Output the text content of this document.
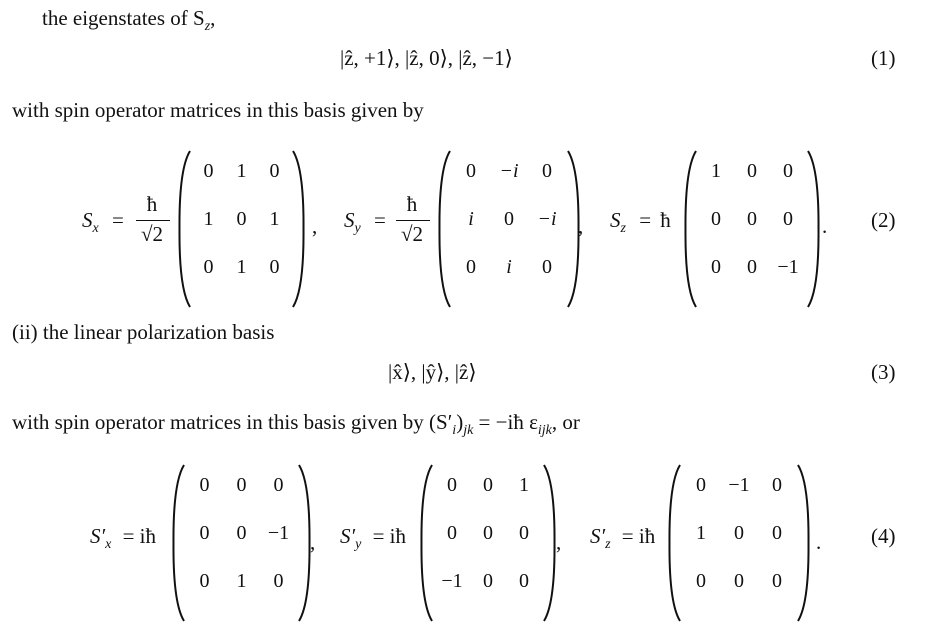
the eigenstates of $S_z$,
|ẑ, +1⟩, |ẑ, 0⟩, |ẑ, −1⟩	(1)
with spin operator matrices in this basis given by
$S_x$ =
ħ
√2
0	1	0
1	0	1
0	1	0
, $S_y$ =
ħ
√2
0	−i	0
i	0	−i
0	i	0
, $S_z$ = ħ
1	0	0
0	0	0
0	0	−1
. (2)
(ii) the linear polarization basis
|x̂⟩, |ŷ⟩, |ẑ⟩	(3)
with spin operator matrices in this basis given by $(S'_i)_{jk}$ = −iħ $\varepsilon_{ijk}$, or
$S'_x$ = iħ
0	0	0
0	0	−1
0	1	0
, $S'_y$ = iħ
0	0	1
0	0	0
−1	0	0
, $S'_z$ = iħ
0	−1	0
1	0	0
0	0	0
. (4)
